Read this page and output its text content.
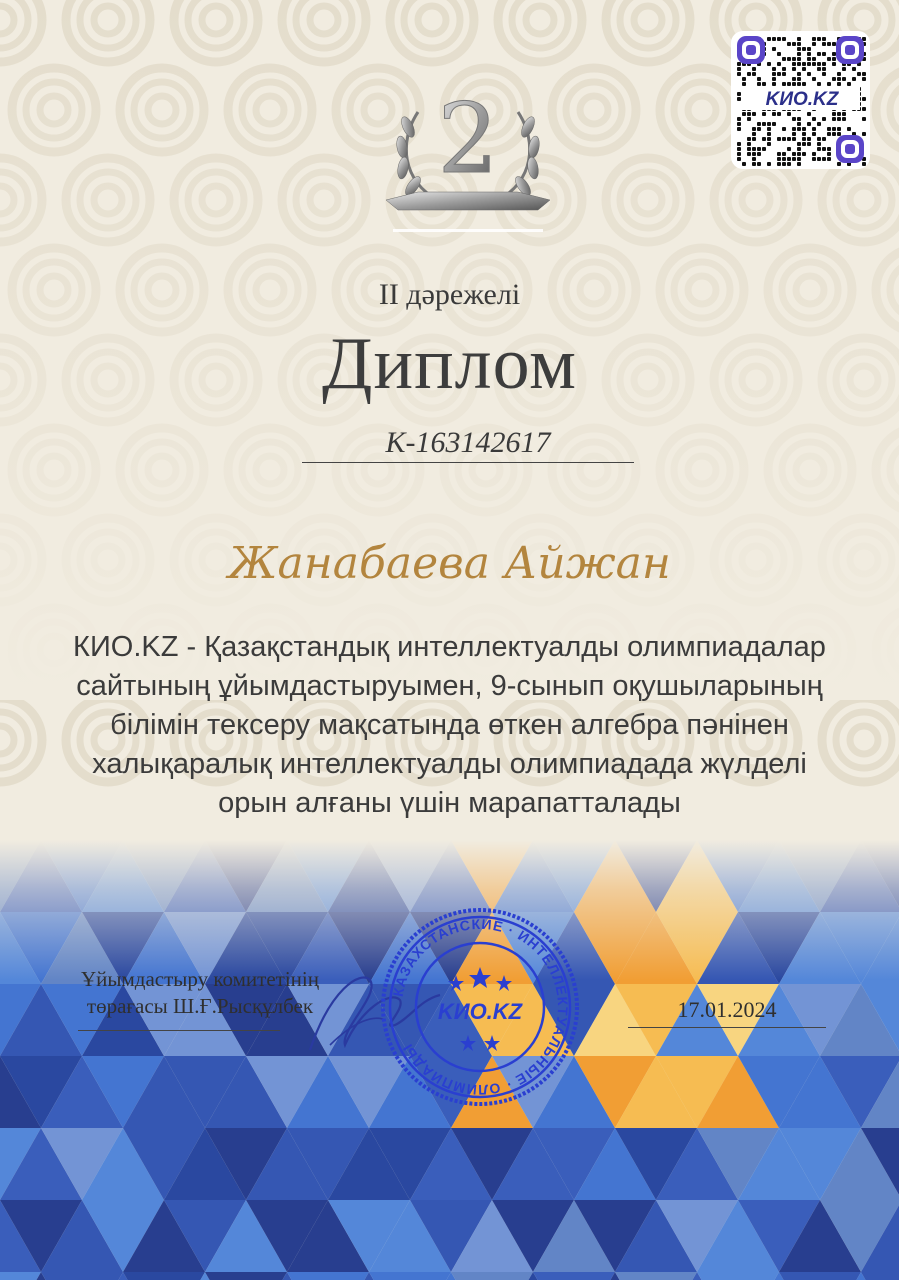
2	KИО.KZ
II дәрежелі
Диплом
К-163142617
Жанабаева Айжан
КИО.KZ - Қазақстандық интеллектуалды олимпиадалар
сайтының ұйымдастыруымен, 9-сынып оқушыларының
білімін тексеру мақсатында өткен алгебра пәнінен
халықаралық интеллектуалды олимпиадада жүлделі
орын алғаны үшін марапатталады
Ұйымдастыру комитетінің
төрағасы Ш.Ғ.Рысқұлбек	17.01.2024
КАЗАХСТАНСКИЕ · ИНТЕЛЛЕКТУАЛЬНЫЕ · ОЛИМПИАДЫ
KИО.KZ
